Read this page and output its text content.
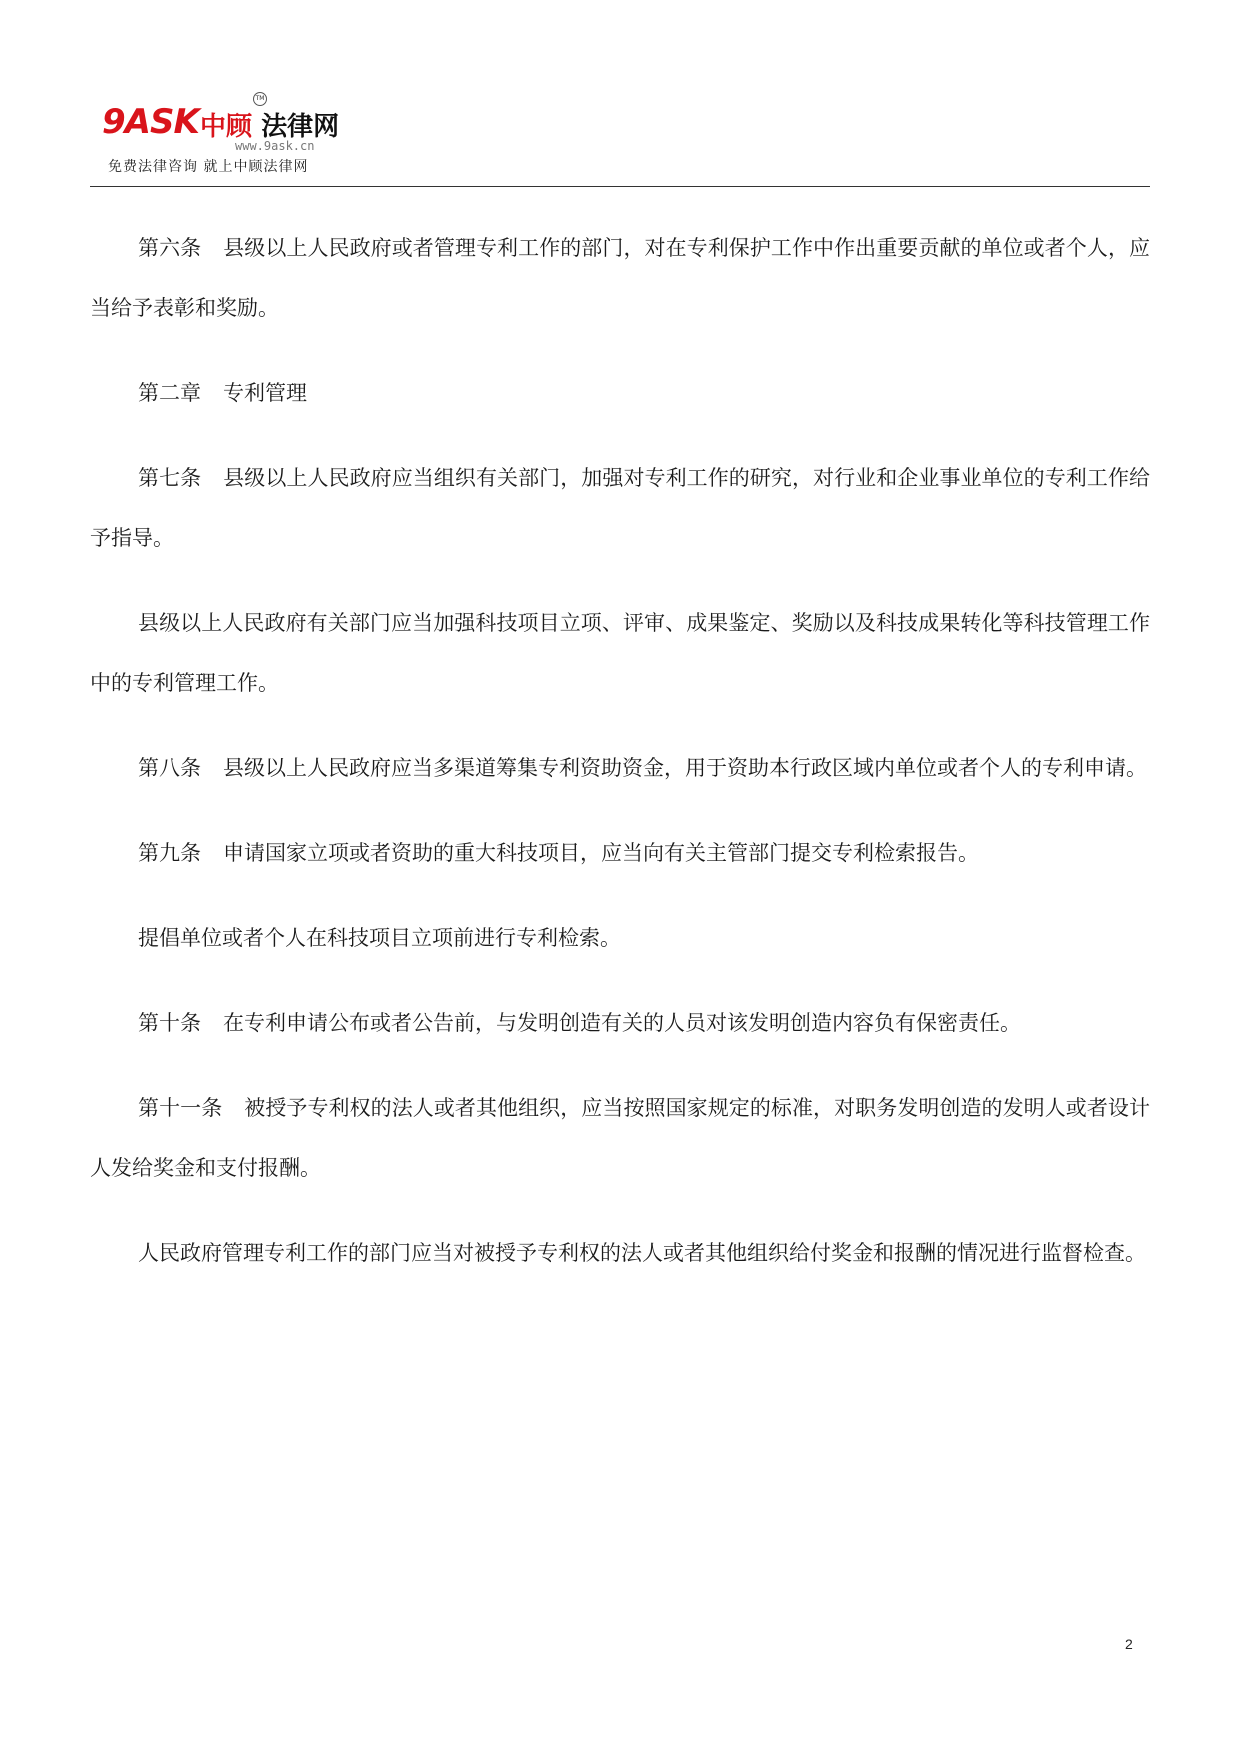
9ASK 中顾 法律网
TM
www.9ask.cn
免费法律咨询 就上中顾法律网

第六条 县级以上人民政府或者管理专利工作的部门，对在专利保护工作中作出重要贡献的单位或者个人，应当给予表彰和奖励。

第二章 专利管理

第七条 县级以上人民政府应当组织有关部门，加强对专利工作的研究，对行业和企业事业单位的专利工作给予指导。

县级以上人民政府有关部门应当加强科技项目立项、评审、成果鉴定、奖励以及科技成果转化等科技管理工作中的专利管理工作。

第八条 县级以上人民政府应当多渠道筹集专利资助资金，用于资助本行政区域内单位或者个人的专利申请。

第九条 申请国家立项或者资助的重大科技项目，应当向有关主管部门提交专利检索报告。

提倡单位或者个人在科技项目立项前进行专利检索。

第十条 在专利申请公布或者公告前，与发明创造有关的人员对该发明创造内容负有保密责任。

第十一条 被授予专利权的法人或者其他组织，应当按照国家规定的标准，对职务发明创造的发明人或者设计人发给奖金和支付报酬。

人民政府管理专利工作的部门应当对被授予专利权的法人或者其他组织给付奖金和报酬的情况进行监督检查。

2
